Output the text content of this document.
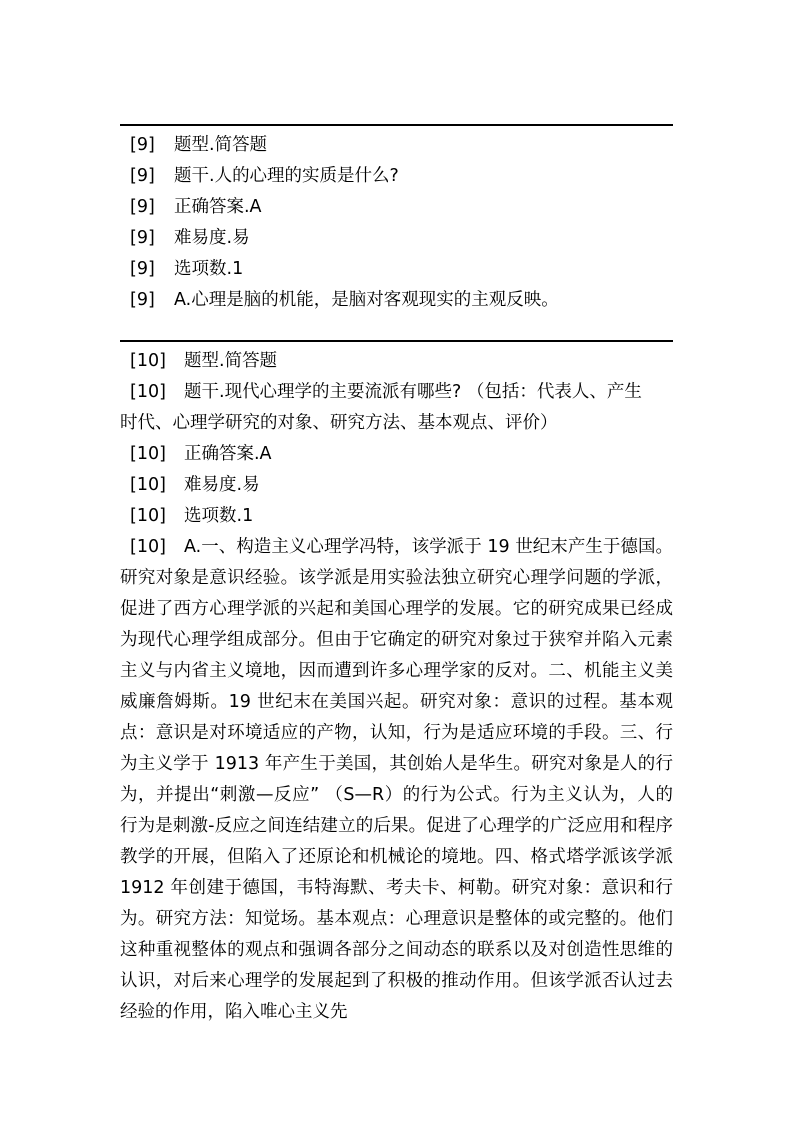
[9] 题型.简答题
[9] 题干.人的心理的实质是什么?
[9] 正确答案.A
[9] 难易度.易
[9] 选项数.1
[9] A.心理是脑的机能，是脑对客观现实的主观反映。
[10] 题型.简答题
[10] 题干.现代心理学的主要流派有哪些? （包括：代表人、产生
时代、心理学研究的对象、研究方法、基本观点、评价）
[10] 正确答案.A
[10] 难易度.易
[10] 选项数.1
[10] A.一、构造主义心理学冯特，该学派于 19 世纪末产生于德国。研究对象是意识经验。该学派是用实验法独立研究心理学问题的学派，促进了西方心理学派的兴起和美国心理学的发展。它的研究成果已经成为现代心理学组成部分。但由于它确定的研究对象过于狭窄并陷入元素主义与内省主义境地，因而遭到许多心理学家的反对。二、机能主义美威廉詹姆斯。19 世纪末在美国兴起。研究对象：意识的过程。基本观点：意识是对环境适应的产物，认知，行为是适应环境的手段。三、行为主义学于 1913 年产生于美国，其创始人是华生。研究对象是人的行为，并提出“刺激—反应” （S—R）的行为公式。行为主义认为，人的行为是刺激-反应之间连结建立的后果。促进了心理学的广泛应用和程序教学的开展，但陷入了还原论和机械论的境地。四、格式塔学派该学派 1912 年创建于德国，韦特海默、考夫卡、柯勒。研究对象：意识和行为。研究方法：知觉场。基本观点：心理意识是整体的或完整的。他们这种重视整体的观点和强调各部分之间动态的联系以及对创造性思维的认识，对后来心理学的发展起到了积极的推动作用。但该学派否认过去经验的作用，陷入唯心主义先
